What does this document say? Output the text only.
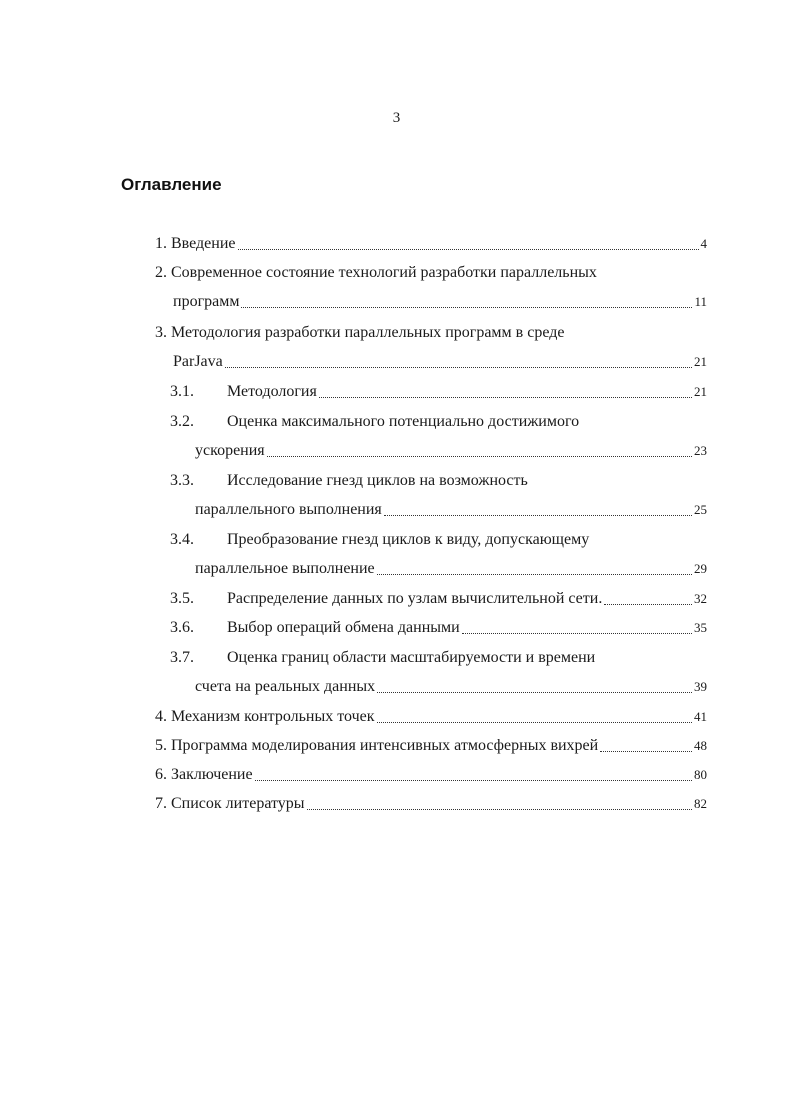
3
Оглавление
1. Введение	4
2. Современное состояние технологий разработки параллельных
программ	11
3. Методология разработки параллельных программ в среде
ParJava	21
3.1. Методология	21
3.2. Оценка максимального потенциально достижимого
ускорения	23
3.3. Исследование гнезд циклов на возможность
параллельного выполнения	25
3.4. Преобразование гнезд циклов к виду, допускающему
параллельное выполнение	29
3.5. Распределение данных по узлам вычислительной сети.	32
3.6. Выбор операций обмена данными	35
3.7. Оценка границ области масштабируемости и времени
счета на реальных данных	39
4. Механизм контрольных точек	41
5. Программа моделирования интенсивных атмосферных вихрей	48
6. Заключение	80
7. Список литературы	82
